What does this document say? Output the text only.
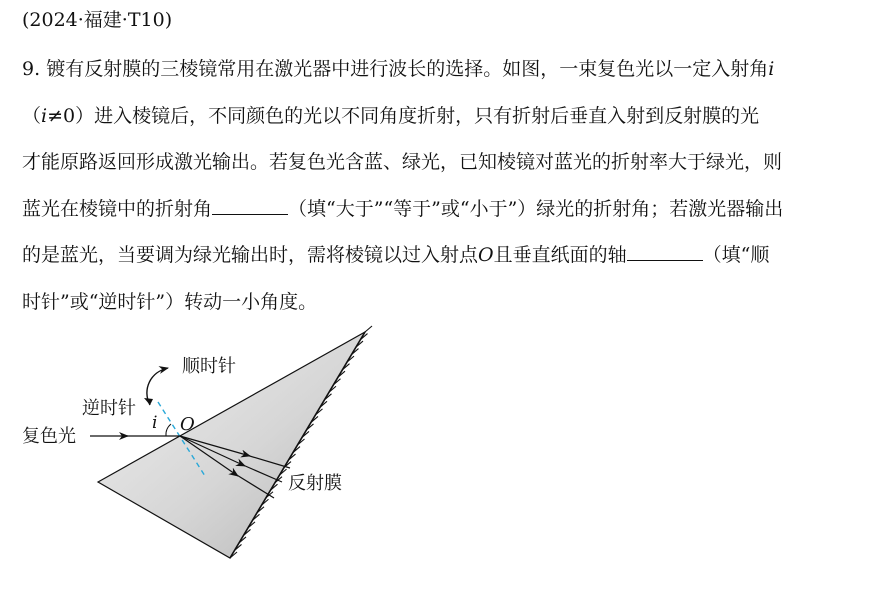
(2024·福建·T10)
9. 镀有反射膜的三棱镜常用在激光器中进行波长的选择。如图，一束复色光以一定入射角i
（i≠0）进入棱镜后，不同颜色的光以不同角度折射，只有折射后垂直入射到反射膜的光
才能原路返回形成激光输出。若复色光含蓝、绿光，已知棱镜对蓝光的折射率大于绿光，则
蓝光在棱镜中的折射角	（填“大于”“等于”或“小于”）绿光的折射角；若激光器输出
的是蓝光，当要调为绿光输出时，需将棱镜以过入射点O且垂直纸面的轴	（填“顺
时针”或“逆时针”）转动一小角度。
顺时针
逆时针
复色光
i O
反射膜
